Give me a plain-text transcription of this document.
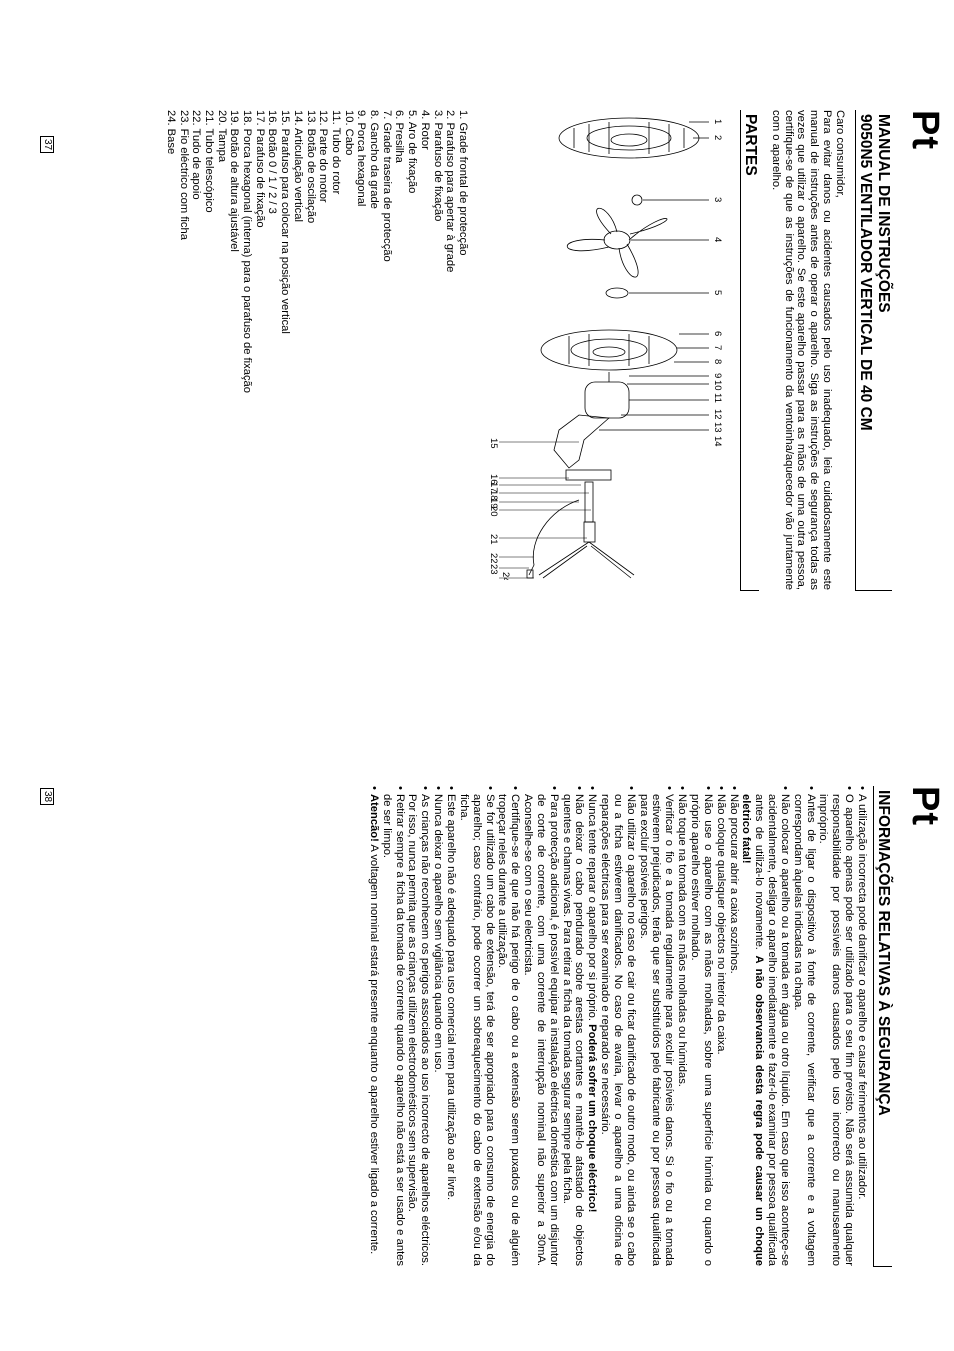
Pt
MANUAL DE INSTRUÇÕES
9050N5 VENTILADOR VERTICAL DE 40 CM

Caro consumidor,

Para evitar danos ou acidentes causados pelo uso inadequado, leia cuidadosamente este manual de instruções antes de operar o aparelho. Siga as instruções de segurança todas as vezes que utilizar o aparelho. Se este aparelho passar para as mãos de uma outra pessoa, certifique-se de que as instruções de funcionamento da ventoinha/aquecedor vão juntamente com o aparelho.

PARTES
1
2
3
4
5
6
7
8
9
10
11
12
13
14
15
16
17
18
19
20
21
22
23
24
1. Grade frontal de protecção
2. Parafuso para apertar à grade
3. Parafuso de fixação
4. Rotor
5. Aro de fixação
6. Presilha
7. Grade traseira de protecção
8. Gancho da grade
9. Porca hexagonal
10. Cabo
11. Tubo do rotor
12. Parte do motor
13. Botão de oscilação
14. Articulação vertical
15. Parafuso para colocar na posição vertical
16. Botão 0 / 1 / 2 / 3
17. Parafuso de fixação
18. Porca hexagonal (interna) para o parafuso de fixação
19. Botão de altura ajustável
20. Tampa
21. Tubo telescópico
22. Tudo de apoio
23. Fio eléctrico com ficha
24. Base
37
Pt
INFORMAÇÕES RELATIVAS À SEGURANÇA
• A utilização incorrecta pode danificar o aparelho e causar ferimentos ao utilizador.
• O aparelho apenas pode ser utilizado para o seu fim previsto. Não será assumida qualquer responsabilidade por possíveis danos causados pelo uso incorrecto ou manuseamento impróprio.
• Antes de ligar o dispositivo à fonte de corrente, verificar que a corrente e a voltagem correspondam àquelas indicadas na chapa.
• Não colocar o aparelho ou a tomada em água ou otro líquido. Em caso que isso aconteçe-se acidentalmente, desligar o aparelho imediatamente e fazer-lo examinar por pessoa qualificada antes de utiliza-lo novamente. A não observancia desta regra pode causar un choque eletrico fatal!
• Não procurar abrir a caixa sozinhos.
• Não coloque qualsquer objectos no interior da caixa.
• Não use o aparelho com as mãos molhadas, sobre uma superfície húmida ou quando o próprio aparelho estiver molhado.
• Não toque na tomada com as mãos molhadas ou húmidas.
• Verificar o fio e a tomada regularmente para excluir posíveis danos. Si o fio ou a tomada estiverem prejudicados, terão que ser substituídos pelo fabricante ou por pessoas qualificada para excluir posíveis perigos.
• Não utilizar o aparelho no caso de cair ou ficar danificado de outro modo, ou ainda se o cabo ou a ficha estiverem danificados. No caso de avaria, levar o aparelho a uma oficina de reparações eléctricas para ser examinado e reparado se necessário.
• Nunca tente reparar o aparelho por si próprio. Poderá sofrer um choque eléctrico!
• Não deixar o cabo pendurado sobre arestas cortantes e mantê-lo afastado de objectos quentes e chamas vivas. Para retirar a ficha da tomada segurar sempre pela ficha.
• Para protecção adicional, é possível equipar a instalação eléctrica doméstica com um disjuntor de corte de corrente, com uma corrente de interrupção nominal não superior a 30mA. Aconselhe-se com o seu electricista.
• Certifique-se de que não há perigo de o cabo ou a extensão serem puxados ou de alguém tropeçar neles durante a utilização.
• Se for utilizado um cabo de extensão, terá de ser apropriado para o consumo de energia do aparelho; caso contrário, pode ocorrer um sobreaquecimento do cabo de extensão e/ou da ficha.
• Este aparelho não é adequado para uso comercial nem para utilização ao ar livre.
• Nunca deixar o aparelho sem vigilância quando em uso.
• As crianças não reconhecem os perigos associados ao uso incorrecto de aparelhos eléctricos. Por isso, nunca permita que as crianças utilizem electrodomésticos sem supervisão.
• Retirar sempre a ficha da tomada de corrente quando o aparelho não está a ser usado e antes de ser limpo.
• Atencão! A voltagem nominal estará presente enquanto o aparelho estiver ligado a corrente.
38
